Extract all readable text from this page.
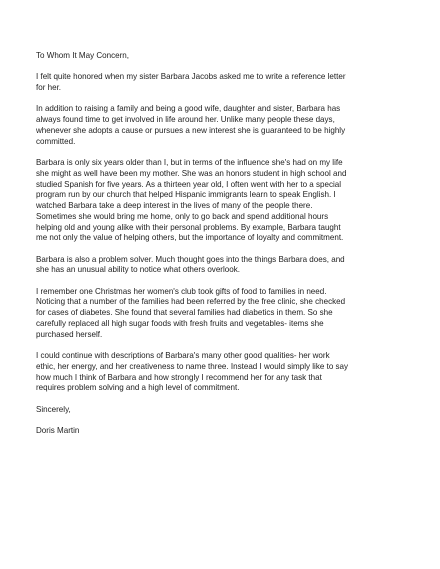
To Whom It May Concern,

I felt quite honored when my sister Barbara Jacobs asked me to write a reference letter
for her.

In addition to raising a family and being a good wife, daughter and sister, Barbara has
always found time to get involved in life around her. Unlike many people these days,
whenever she adopts a cause or pursues a new interest she is guaranteed to be highly
committed.

Barbara is only six years older than I, but in terms of the influence she's had on my life
she might as well have been my mother. She was an honors student in high school and
studied Spanish for five years. As a thirteen year old, I often went with her to a special
program run by our church that helped Hispanic immigrants learn to speak English. I
watched Barbara take a deep interest in the lives of many of the people there.
Sometimes she would bring me home, only to go back and spend additional hours
helping old and young alike with their personal problems. By example, Barbara taught
me not only the value of helping others, but the importance of loyalty and commitment.

Barbara is also a problem solver. Much thought goes into the things Barbara does, and
she has an unusual ability to notice what others overlook.

I remember one Christmas her women's club took gifts of food to families in need.
Noticing that a number of the families had been referred by the free clinic, she checked
for cases of diabetes. She found that several families had diabetics in them. So she
carefully replaced all high sugar foods with fresh fruits and vegetables- items she
purchased herself.

I could continue with descriptions of Barbara's many other good qualities- her work
ethic, her energy, and her creativeness to name three. Instead I would simply like to say
how much I think of Barbara and how strongly I recommend her for any task that
requires problem solving and a high level of commitment.

Sincerely,

Doris Martin
